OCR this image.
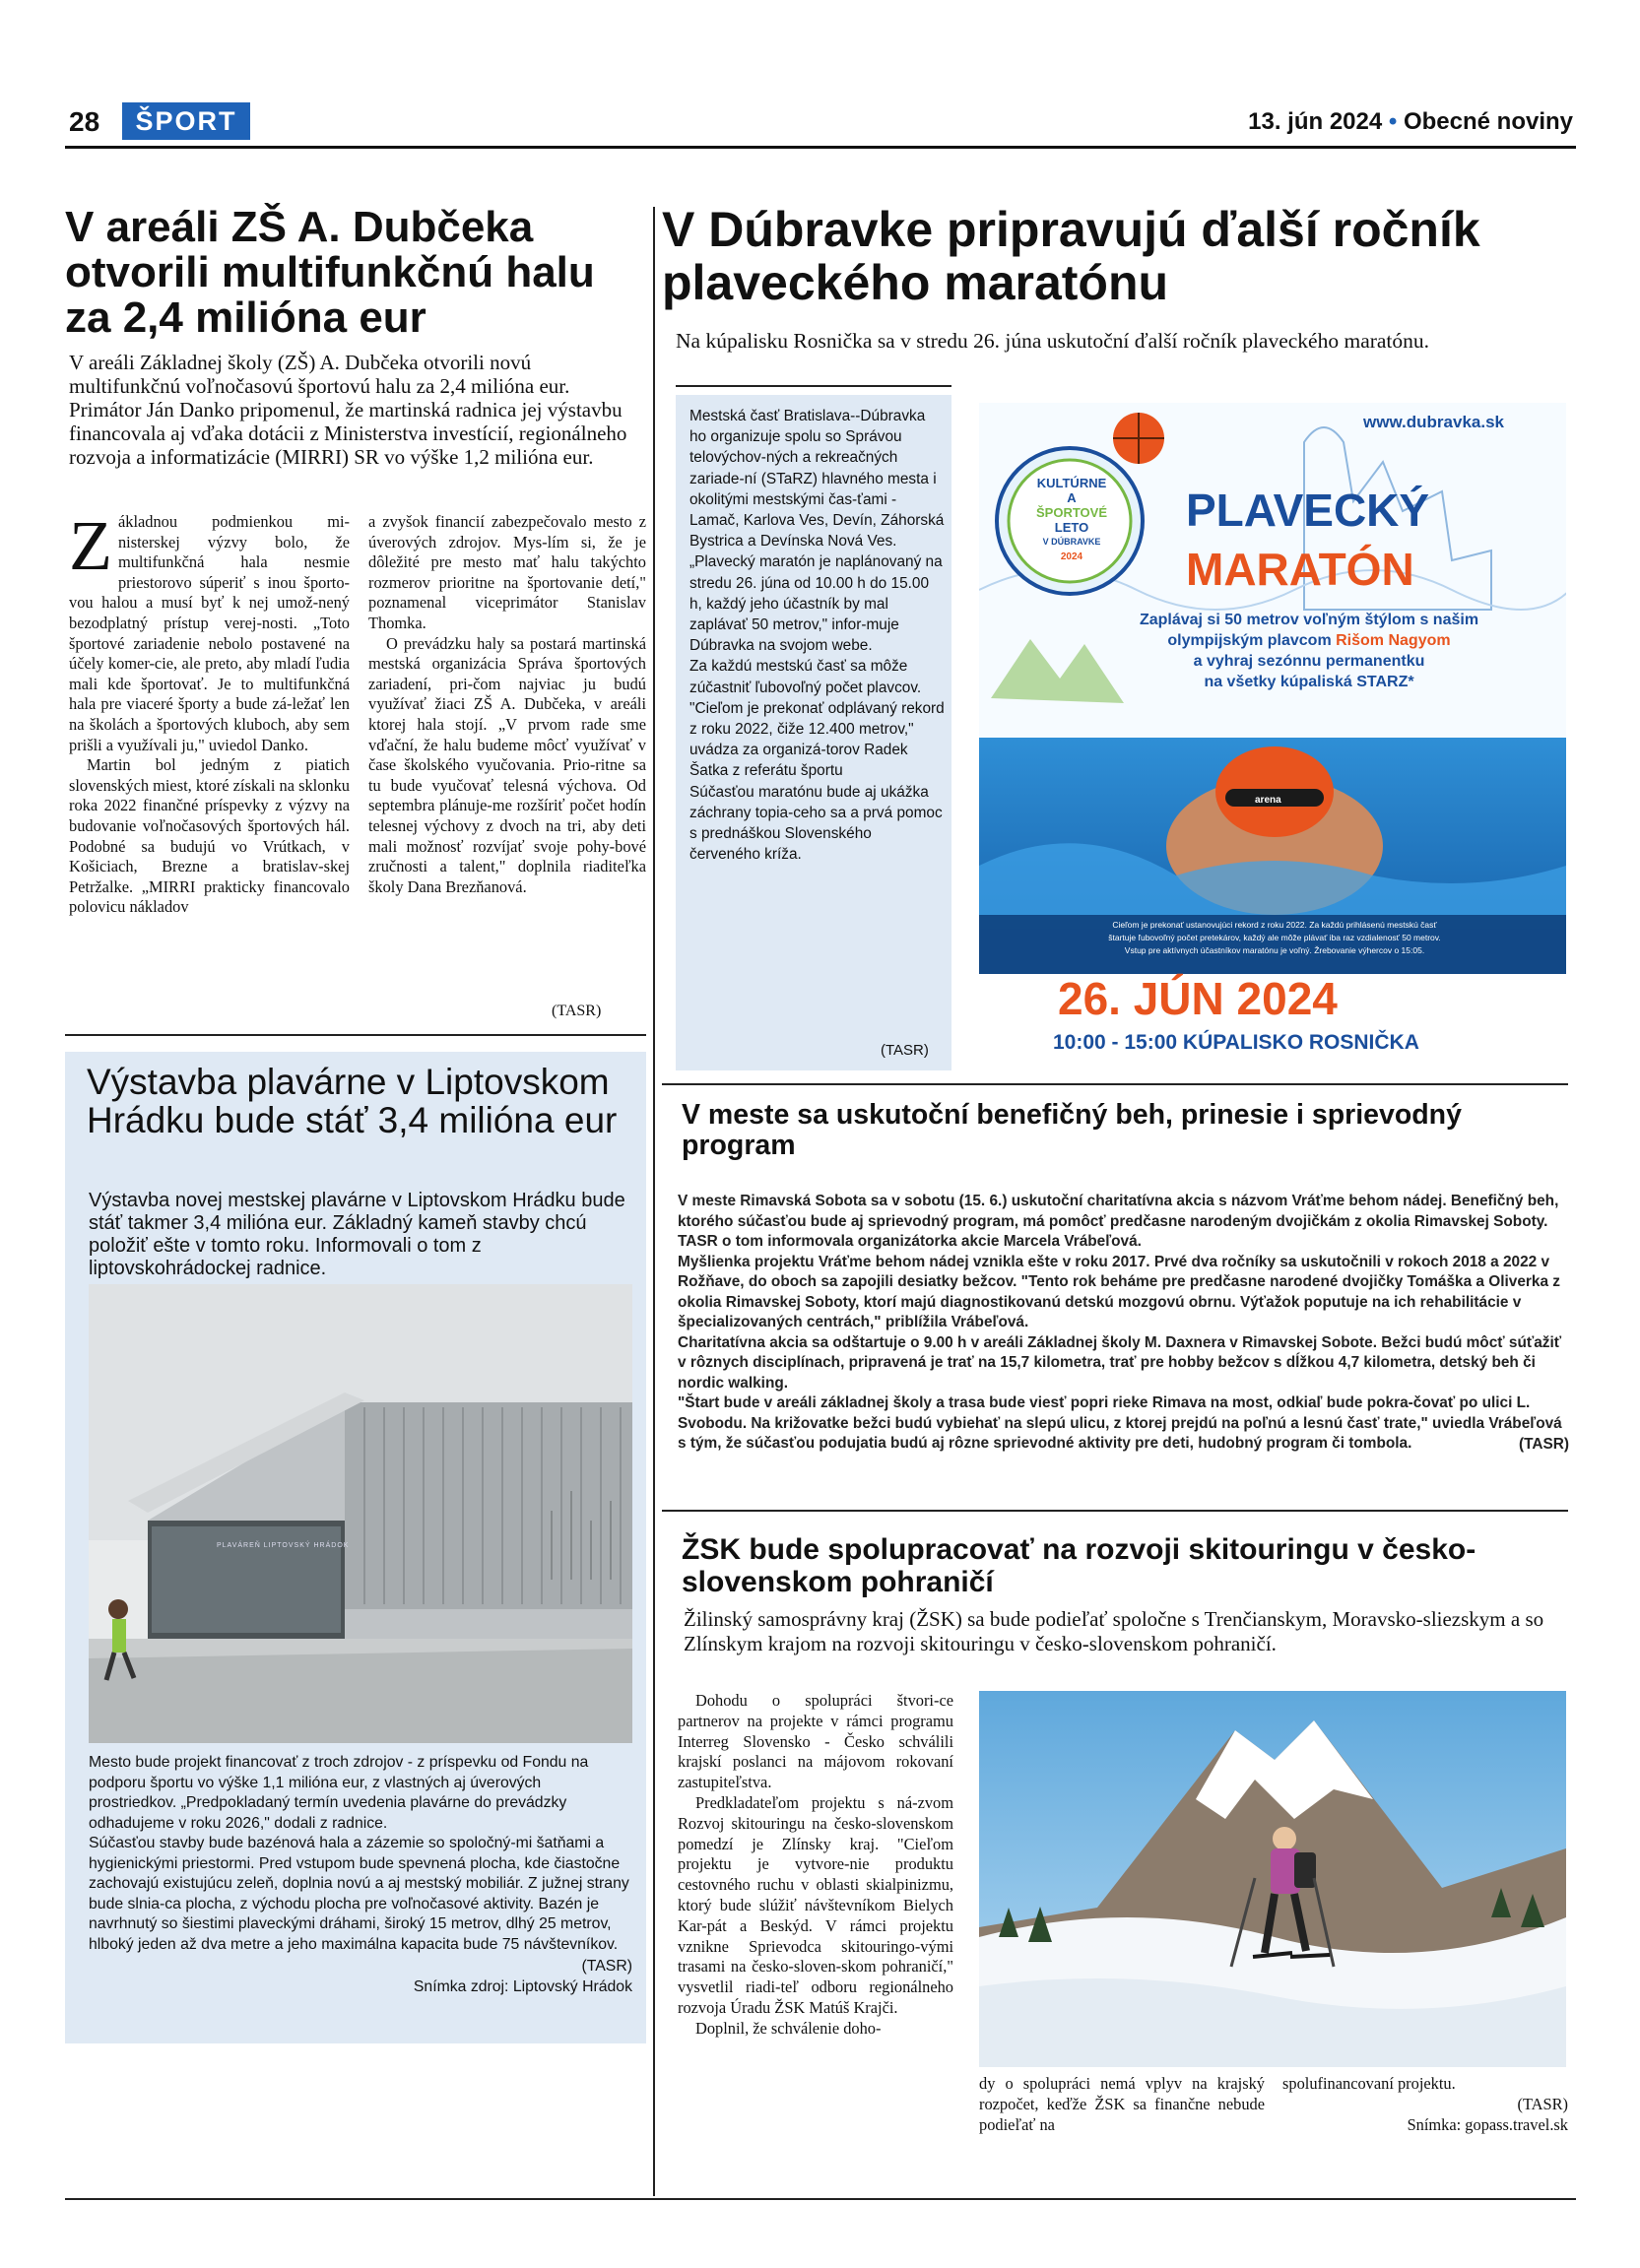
28	ŠPORT	13. jún 2024 • Obecné noviny
V areáli ZŠ A. Dubčeka otvorili multifunkčnú halu za 2,4 milióna eur
V areáli Základnej školy (ZŠ) A. Dubčeka otvorili novú multifunkčnú voľnočasovú športovú halu za 2,4 milióna eur. Primátor Ján Danko pripomenul, že martinská radnica jej výstavbu financovala aj vďaka dotácii z Ministerstva investícií, regionálneho rozvoja a informatizácie (MIRRI) SR vo výške 1,2 milióna eur.

Základnou podmienkou mi-nisterskej výzvy bolo, že multifunkčná hala nesmie priestorovo súperiť s inou športo-vou halou a musí byť k nej umož-nený bezodplatný prístup verej-nosti. „Toto športové zariadenie nebolo postavené na účely komer-cie, ale preto, aby mladí ľudia mali kde športovať. Je to multifunkčná hala pre viaceré športy a bude zá-ležať len na školách a športových kluboch, aby sem prišli a využívali ju," uviedol Danko.

Martin bol jedným z piatich slovenských miest, ktoré získali na sklonku roka 2022 finančné príspevky z výzvy na budovanie voľnočasových športových hál. Podobné sa budujú vo Vrútkach, v Košiciach, Brezne a bratislav-skej Petržalke. „MIRRI prakticky financovalo polovicu nákladov

a zvyšok financií zabezpečovalo mesto z úverových zdrojov. Mys-lím si, že je dôležité pre mesto mať halu takýchto rozmerov prioritne na športovanie detí," poznamenal viceprimátor Stanislav Thomka.

O prevádzku haly sa postará martinská mestská organizácia Správa športových zariadení, pri-čom najviac ju budú využívať žiaci ZŠ A. Dubčeka, v areáli ktorej hala stojí. „V prvom rade sme vďační, že halu budeme môcť využívať v čase školského vyučovania. Prio-ritne sa tu bude vyučovať telesná výchova. Od septembra plánuje-me rozšíriť počet hodín telesnej výchovy z dvoch na tri, aby deti mali možnosť rozvíjať svoje pohy-bové zručnosti a talent," doplnila riaditeľka školy Dana Brezňanová.

(TASR)
V Dúbravke pripravujú ďalší ročník plaveckého maratónu
Na kúpalisku Rosnička sa v stredu 26. júna uskutoční ďalší ročník plaveckého maratónu.
Mestská časť Bratislava--Dúbravka ho organizuje spolu so Správou telovýchov-ných a rekreačných zariade-ní (STaRZ) hlavného mesta i okolitými mestskými čas-ťami - Lamač, Karlova Ves, Devín, Záhorská Bystrica a Devínska Nová Ves.
„Plavecký maratón je naplánovaný na stredu 26. júna od 10.00 h do 15.00 h, každý jeho účastník by mal zaplávať 50 metrov," infor-muje Dúbravka na svojom webe.
Za každú mestskú časť sa môže zúčastniť ľubovoľný počet plavcov. "Cieľom je prekonať odplávaný rekord z roku 2022, čiže 12.400 metrov," uvádza za organizá-torov Radek Šatka z referátu športu
Súčasťou maratónu bude aj ukážka záchrany topia-ceho sa a prvá pomoc s prednáškou Slovenského červeného kríža.
(TASR)
www.dubravka.sk
KULTÚRNE
A
ŠPORTOVÉ
LETO
V DÚBRAVKE
2024
PLAVECKÝ
MARATÓN
Zaplávaj si 50 metrov voľným štýlom s našim
olympijským plavcom Rišom Nagyom
a vyhraj sezónnu permanentku
na všetky kúpaliská STARZ*
arena
Cieľom je prekonať ustanovujúci rekord z roku 2022. Za každú prihlásenú mestskú časť
štartuje ľubovoľný počet pretekárov, každý ale môže plávať iba raz vzdialenosť 50 metrov.
Vstup pre aktívnych účastníkov maratónu je voľný. Žrebovanie výhercov o 15:05.
26. JÚN 2024
10:00 - 15:00 KÚPALISKO ROSNIČKA
Výstavba plavárne v Liptovskom Hrádku bude stáť 3,4 milióna eur
Výstavba novej mestskej plavárne v Liptovskom Hrádku bude stáť takmer 3,4 milióna eur. Základný kameň stavby chcú položiť ešte v tomto roku. Informovali o tom z liptovskohrádockej radnice.
PLAVÁREŇ LIPTOVSKÝ HRÁDOK
Mesto bude projekt financovať z troch zdrojov - z príspevku od Fondu na podporu športu vo výške 1,1 milióna eur, z vlastných aj úverových prostriedkov. „Predpokladaný termín uvedenia plavárne do prevádzky odhadujeme v roku 2026," dodali z radnice.
Súčasťou stavby bude bazénová hala a zázemie so spoločný-mi šatňami a hygienickými priestormi. Pred vstupom bude spevnená plocha, kde čiastočne zachovajú existujúcu zeleň, doplnia novú a aj mestský mobiliár. Z južnej strany bude slnia-ca plocha, z východu plocha pre voľnočasové aktivity. Bazén je navrhnutý so šiestimi plaveckými dráhami, široký 15 metrov, dlhý 25 metrov, hlboký jeden až dva metre a jeho maximálna kapacita bude 75 návštevníkov.
(TASR)
Snímka zdroj: Liptovský Hrádok
V meste sa uskutoční benefičný beh, prinesie i sprievodný program
V meste Rimavská Sobota sa v sobotu (15. 6.) uskutoční charitatívna akcia s názvom Vráťme behom nádej. Benefičný beh, ktorého súčasťou bude aj sprievodný program, má pomôcť predčasne narodeným dvojičkám z okolia Rimavskej Soboty. TASR o tom informovala organizátorka akcie Marcela Vrábeľová.
Myšlienka projektu Vráťme behom nádej vznikla ešte v roku 2017. Prvé dva ročníky sa uskutočnili v rokoch 2018 a 2022 v Rožňave, do oboch sa zapojili desiatky bežcov. "Tento rok beháme pre predčasne narodené dvojičky Tomáška a Oliverka z okolia Rimavskej Soboty, ktorí majú diagnostikovanú detskú mozgovú obrnu. Výťažok poputuje na ich rehabilitácie v špecializovaných centrách," priblížila Vrábeľová.
Charitatívna akcia sa odštartuje o 9.00 h v areáli Základnej školy M. Daxnera v Rimavskej Sobote. Bežci budú môcť súťažiť v rôznych disciplínach, pripravená je trať na 15,7 kilometra, trať pre hobby bežcov s dĺžkou 4,7 kilometra, detský beh či nordic walking.
"Štart bude v areáli základnej školy a trasa bude viesť popri rieke Rimava na most, odkiaľ bude pokra-čovať po ulici L. Svobodu. Na križovatke bežci budú vybiehať na slepú ulicu, z ktorej prejdú na poľnú a lesnú časť trate," uviedla Vrábeľová s tým, že súčasťou podujatia budú aj rôzne sprievodné aktivity pre deti, hudobný program či tombola.	(TASR)
ŽSK bude spolupracovať na rozvoji skitouringu v česko-slovenskom pohraničí
Žilinský samosprávny kraj (ŽSK) sa bude podieľať spoločne s Trenčianskym, Moravsko-sliezskym a so Zlínskym krajom na rozvoji skitouringu v česko-slovenskom pohraničí.

Dohodu o spolupráci štvori-ce partnerov na projekte v rámci programu Interreg Slovensko - Česko schválili krajskí poslanci na májovom rokovaní zastupiteľstva.

Predkladateľom projektu s ná-zvom Rozvoj skitouringu na česko-slovenskom pomedzí je Zlínsky kraj. "Cieľom projektu je vytvore-nie produktu cestovného ruchu v oblasti skialpinizmu, ktorý bude slúžiť návštevníkom Bielych Kar-pát a Beskýd. V rámci projektu vznikne Sprievodca skitouringo-vými trasami na česko-sloven-skom pohraničí," vysvetlil riadi-teľ odboru regionálneho rozvoja Úradu ŽSK Matúš Krajči.

Doplnil, že schválenie doho-

dy o spolupráci nemá vplyv na krajský rozpočet, keďže ŽSK sa finančne nebude podieľať na
spolufinancovaní projektu.
(TASR)
Snímka: gopass.travel.sk
